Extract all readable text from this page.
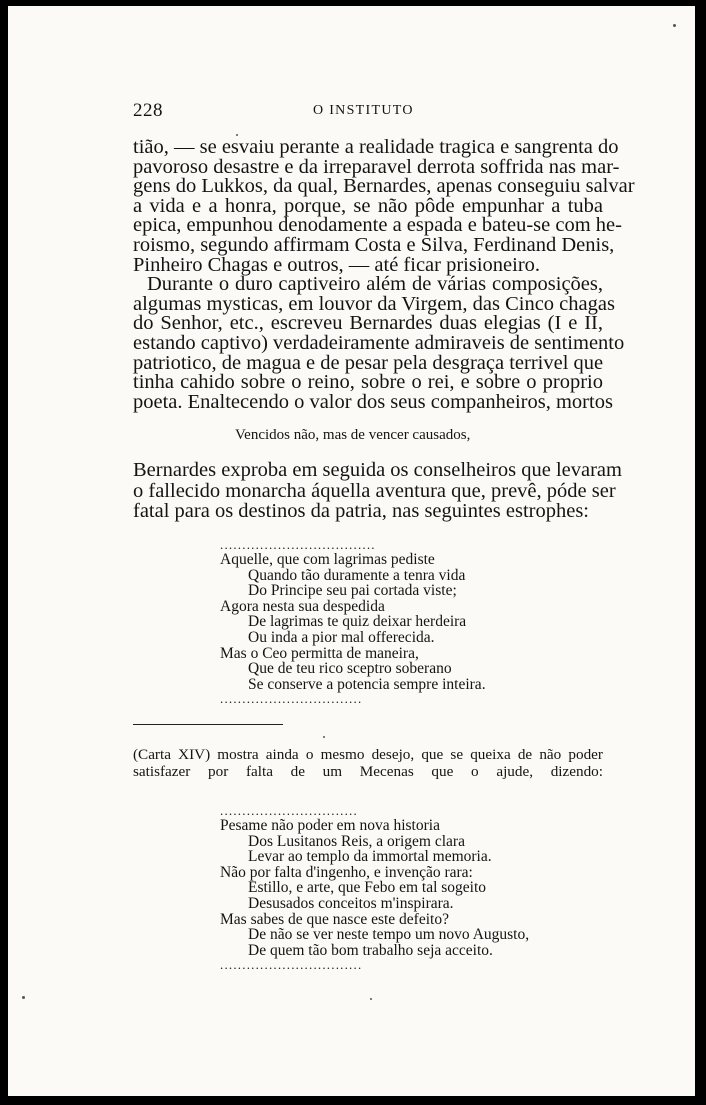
228	O INSTITUTO
tião, — se esvaiu perante a realidade tragica e sangrenta do
pavoroso desastre e da irreparavel derrota soffrida nas mar-
gens do Lukkos, da qual, Bernardes, apenas conseguiu salvar
a vida e a honra, porque, se não pôde empunhar a tuba
epica, empunhou denodamente a espada e bateu-se com he-
roismo, segundo affirmam Costa e Silva, Ferdinand Denis,
Pinheiro Chagas e outros, — até ficar prisioneiro.
Durante o duro captiveiro além de várias composições,
algumas mysticas, em louvor da Virgem, das Cinco chagas
do Senhor, etc., escreveu Bernardes duas elegias (I e II,
estando captivo) verdadeiramente admiraveis de sentimento
patriotico, de magua e de pesar pela desgraça terrivel que
tinha cahido sobre o reino, sobre o rei, e sobre o proprio
poeta. Enaltecendo o valor dos seus companheiros, mortos
Vencidos não, mas de vencer causados,
Bernardes exproba em seguida os conselheiros que levaram
o fallecido monarcha áquella aventura que, prevê, póde ser
fatal para os destinos da patria, nas seguintes estrophes:
...................................
Aquelle, que com lagrimas pediste
Quando tão duramente a tenra vida
Do Principe seu pai cortada viste;
Agora nesta sua despedida
De lagrimas te quiz deixar herdeira
Ou inda a pior mal offerecida.
Mas o Ceo permitta de maneira,
Que de teu rico sceptro soberano
Se conserve a potencia sempre inteira.
................................
(Carta XIV) mostra ainda o mesmo desejo, que se queixa de não poder
satisfazer por falta de um Mecenas que o ajude, dizendo:
...............................
Pesame não poder em nova historia
Dos Lusitanos Reis, a origem clara
Levar ao templo da immortal memoria.
Não por falta d'ingenho, e invenção rara:
Estillo, e arte, que Febo em tal sogeito
Desusados conceitos m'inspirara.
Mas sabes de que nasce este defeito?
De não se ver neste tempo um novo Augusto,
De quem tão bom trabalho seja acceito.
................................
